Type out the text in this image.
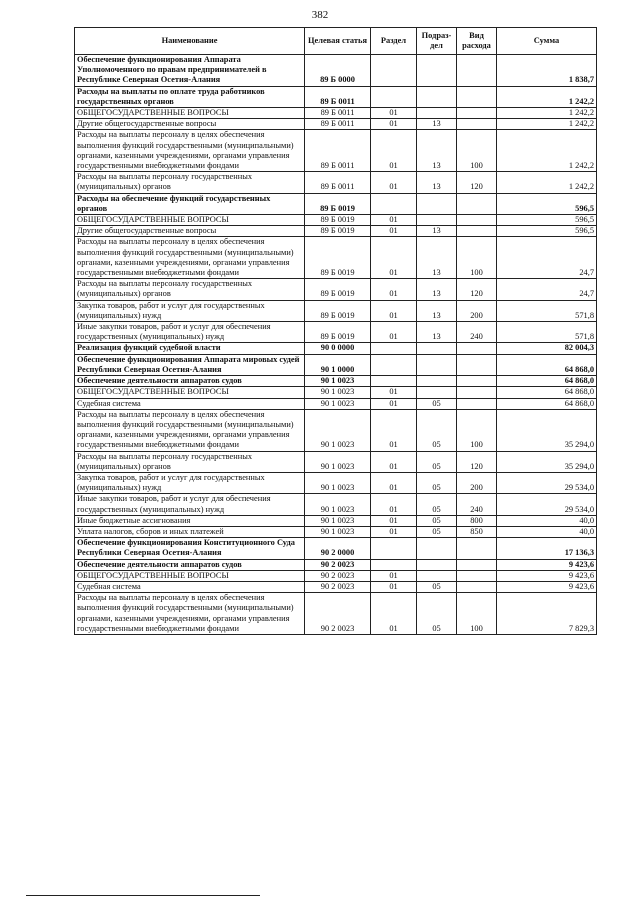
382
Наименование	Целевая статья	Раздел	Подраз-дел	Вид расхода	Сумма
Обеспечение функционирования Аппарата Уполномоченного по правам предпринимателей в Республике Северная Осетия-Алания	89 Б 0000				1 838,7
Расходы на выплаты по оплате труда работников государственных органов	89 Б 0011				1 242,2
ОБЩЕГОСУДАРСТВЕННЫЕ ВОПРОСЫ	89 Б 0011	01			1 242,2
Другие общегосударственные вопросы	89 Б 0011	01	13		1 242,2
Расходы на выплаты персоналу в целях обеспечения выполнения функций государственными (муниципальными) органами, казенными учреждениями, органами управления государственными внебюджетными фондами	89 Б 0011	01	13	100	1 242,2
Расходы на выплаты персоналу государственных (муниципальных) органов	89 Б 0011	01	13	120	1 242,2
Расходы на обеспечение функций государственных органов	89 Б 0019				596,5
ОБЩЕГОСУДАРСТВЕННЫЕ ВОПРОСЫ	89 Б 0019	01			596,5
Другие общегосударственные вопросы	89 Б 0019	01	13		596,5
Расходы на выплаты персоналу в целях обеспечения выполнения функций государственными (муниципальными) органами, казенными учреждениями, органами управления государственными внебюджетными фондами	89 Б 0019	01	13	100	24,7
Расходы на выплаты персоналу государственных (муниципальных) органов	89 Б 0019	01	13	120	24,7
Закупка товаров, работ и услуг для государственных (муниципальных) нужд	89 Б 0019	01	13	200	571,8
Иные закупки товаров, работ и услуг для обеспечения государственных (муниципальных) нужд	89 Б 0019	01	13	240	571,8
Реализация функций судебной власти	90 0 0000				82 004,3
Обеспечение функционирования Аппарата мировых судей Республики Северная Осетия-Алания	90 1 0000				64 868,0
Обеспечение деятельности аппаратов судов	90 1 0023				64 868,0
ОБЩЕГОСУДАРСТВЕННЫЕ ВОПРОСЫ	90 1 0023	01			64 868,0
Судебная система	90 1 0023	01	05		64 868,0
Расходы на выплаты персоналу в целях обеспечения выполнения функций государственными (муниципальными) органами, казенными учреждениями, органами управления государственными внебюджетными фондами	90 1 0023	01	05	100	35 294,0
Расходы на выплаты персоналу государственных (муниципальных) органов	90 1 0023	01	05	120	35 294,0
Закупка товаров, работ и услуг для государственных (муниципальных) нужд	90 1 0023	01	05	200	29 534,0
Иные закупки товаров, работ и услуг для обеспечения государственных (муниципальных) нужд	90 1 0023	01	05	240	29 534,0
Иные бюджетные ассигнования	90 1 0023	01	05	800	40,0
Уплата налогов, сборов и иных платежей	90 1 0023	01	05	850	40,0
Обеспечение функционирования Конституционного Суда Республики Северная Осетия-Алания	90 2 0000				17 136,3
Обеспечение деятельности аппаратов судов	90 2 0023				9 423,6
ОБЩЕГОСУДАРСТВЕННЫЕ ВОПРОСЫ	90 2 0023	01			9 423,6
Судебная система	90 2 0023	01	05		9 423,6
Расходы на выплаты персоналу в целях обеспечения выполнения функций государственными (муниципальными) органами, казенными учреждениями, органами управления государственными внебюджетными фондами	90 2 0023	01	05	100	7 829,3
